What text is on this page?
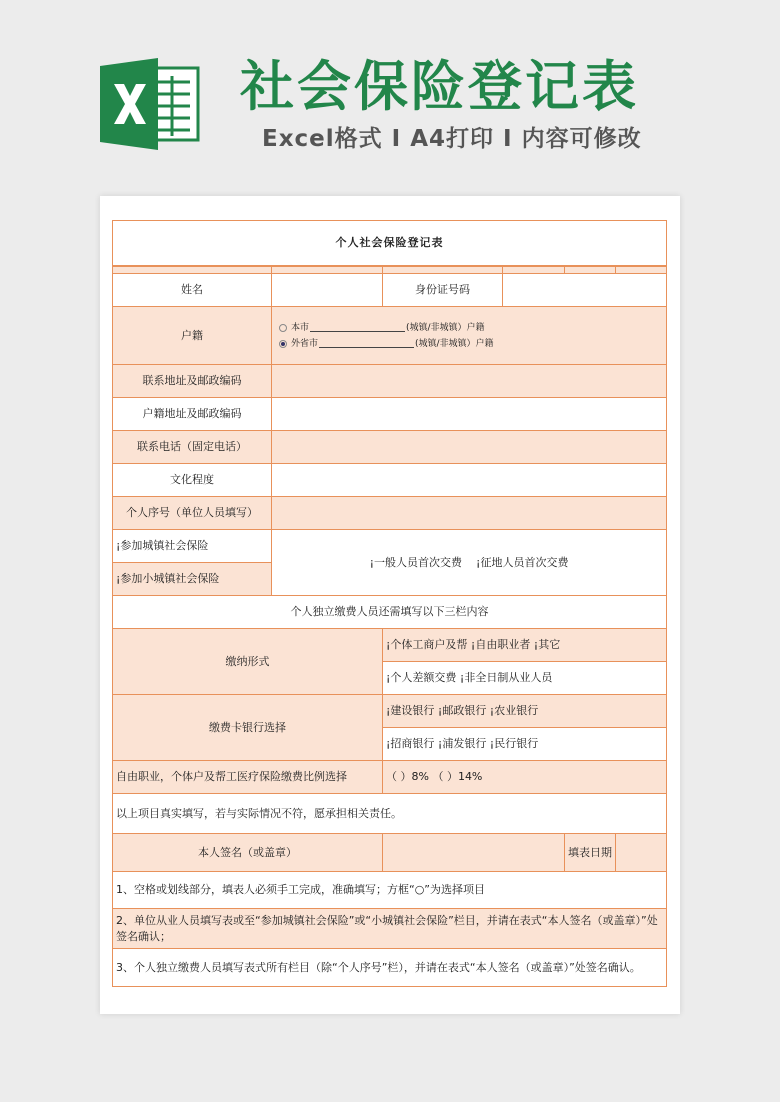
社会保险登记表
Excel格式 I A4打印 I 内容可修改
个人社会保险登记表					

姓名		身份证号码			
户籍	本市 (城镇/非城镇）户籍
外省市 (城镇/非城镇）户籍				

联系地址及邮政编码					
户籍地址及邮政编码					
联系电话（固定电话）					
文化程度					
个人序号（单位人员填写）					
¡参加城镇社会保险	¡一般人员首次交费 ¡征地人员首次交费				
¡参加小城镇社会保险					
个人独立缴费人员还需填写以下三栏内容					
缴纳形式		¡个体工商户及帮 ¡自由职业者 ¡其它			
		¡个人差额交费 ¡非全日制从业人员			
缴费卡银行选择		¡建设银行 ¡邮政银行 ¡农业银行			
		¡招商银行 ¡浦发银行 ¡民行银行			
自由职业，个体户及帮工医疗保险缴费比例选择		（ ）8% （ ）14%			
以上项目真实填写，若与实际情况不符，愿承担相关责任。					
本人签名（或盖章）				填表日期	
1、空格或划线部分，填表人必须手工完成，准确填写；方框“○”为选择项目					
2、单位从业人员填写表或至“参加城镇社会保险”或“小城镇社会保险”栏目，并请在表式“本人签名（或盖章）”处签名确认；					
3、个人独立缴费人员填写表式所有栏目（除“个人序号”栏），并请在表式“本人签名（或盖章）”处签名确认。					
